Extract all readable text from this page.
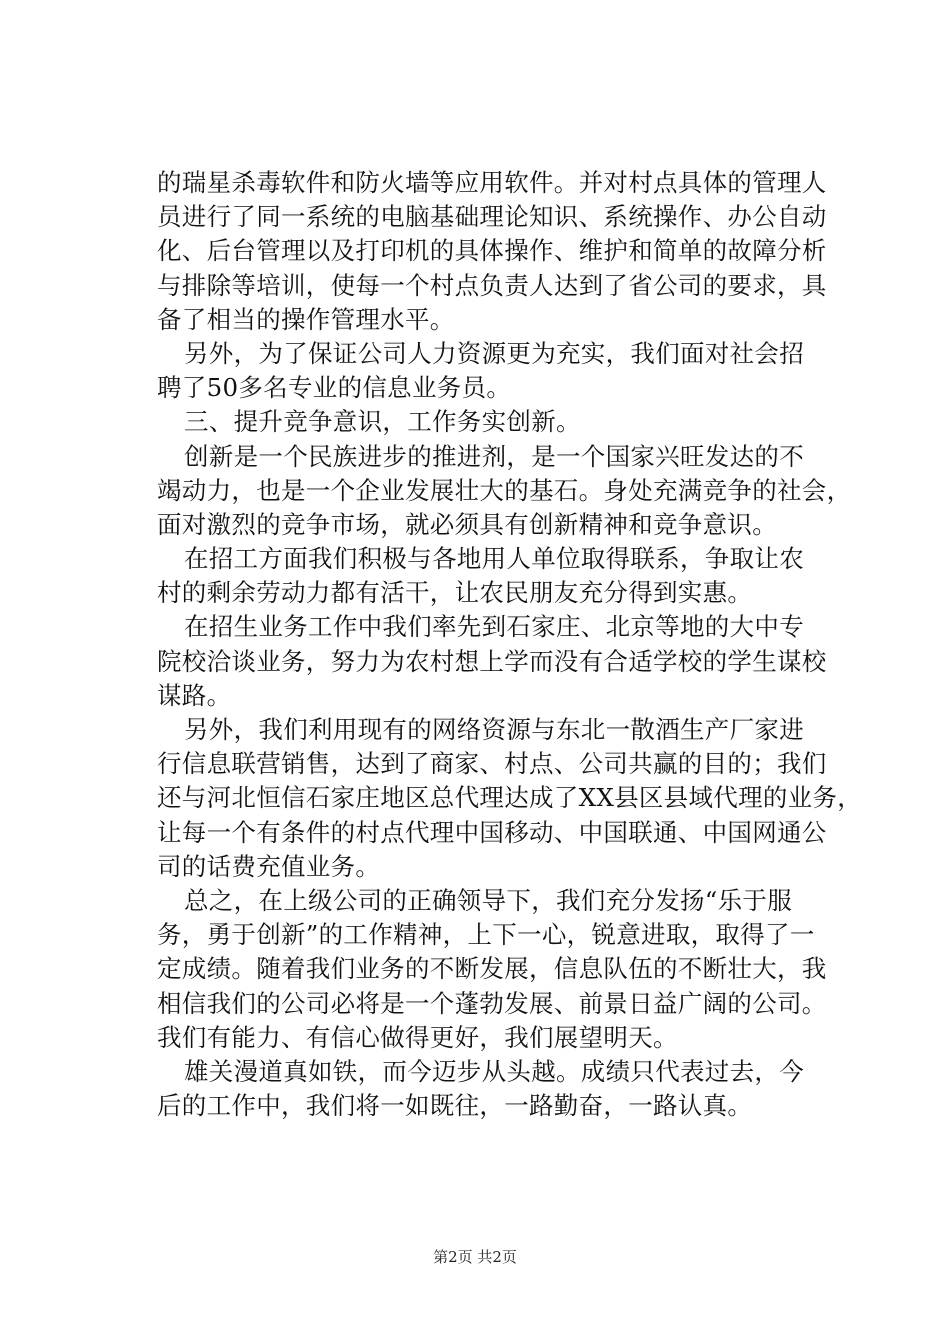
的瑞星杀毒软件和防火墙等应用软件。并对村点具体的管理人
员进行了同一系统的电脑基础理论知识、系统操作、办公自动
化、后台管理以及打印机的具体操作、维护和简单的故障分析
与排除等培训，使每一个村点负责人达到了省公司的要求，具
备了相当的操作管理水平。
另外，为了保证公司人力资源更为充实，我们面对社会招
聘了50多名专业的信息业务员。
三、提升竞争意识，工作务实创新。
创新是一个民族进步的推进剂，是一个国家兴旺发达的不
竭动力，也是一个企业发展壮大的基石。身处充满竞争的社会，
面对激烈的竞争市场，就必须具有创新精神和竞争意识。
在招工方面我们积极与各地用人单位取得联系，争取让农
村的剩余劳动力都有活干，让农民朋友充分得到实惠。
在招生业务工作中我们率先到石家庄、北京等地的大中专
院校洽谈业务，努力为农村想上学而没有合适学校的学生谋校
谋路。
另外，我们利用现有的网络资源与东北一散酒生产厂家进
行信息联营销售，达到了商家、村点、公司共赢的目的；我们
还与河北恒信石家庄地区总代理达成了XX县区县域代理的业务，
让每一个有条件的村点代理中国移动、中国联通、中国网通公
司的话费充值业务。
总之，在上级公司的正确领导下，我们充分发扬“乐于服
务，勇于创新”的工作精神，上下一心，锐意进取，取得了一
定成绩。随着我们业务的不断发展，信息队伍的不断壮大，我
相信我们的公司必将是一个蓬勃发展、前景日益广阔的公司。
我们有能力、有信心做得更好，我们展望明天。
雄关漫道真如铁，而今迈步从头越。成绩只代表过去，今
后的工作中，我们将一如既往，一路勤奋，一路认真。
第2页 共2页
